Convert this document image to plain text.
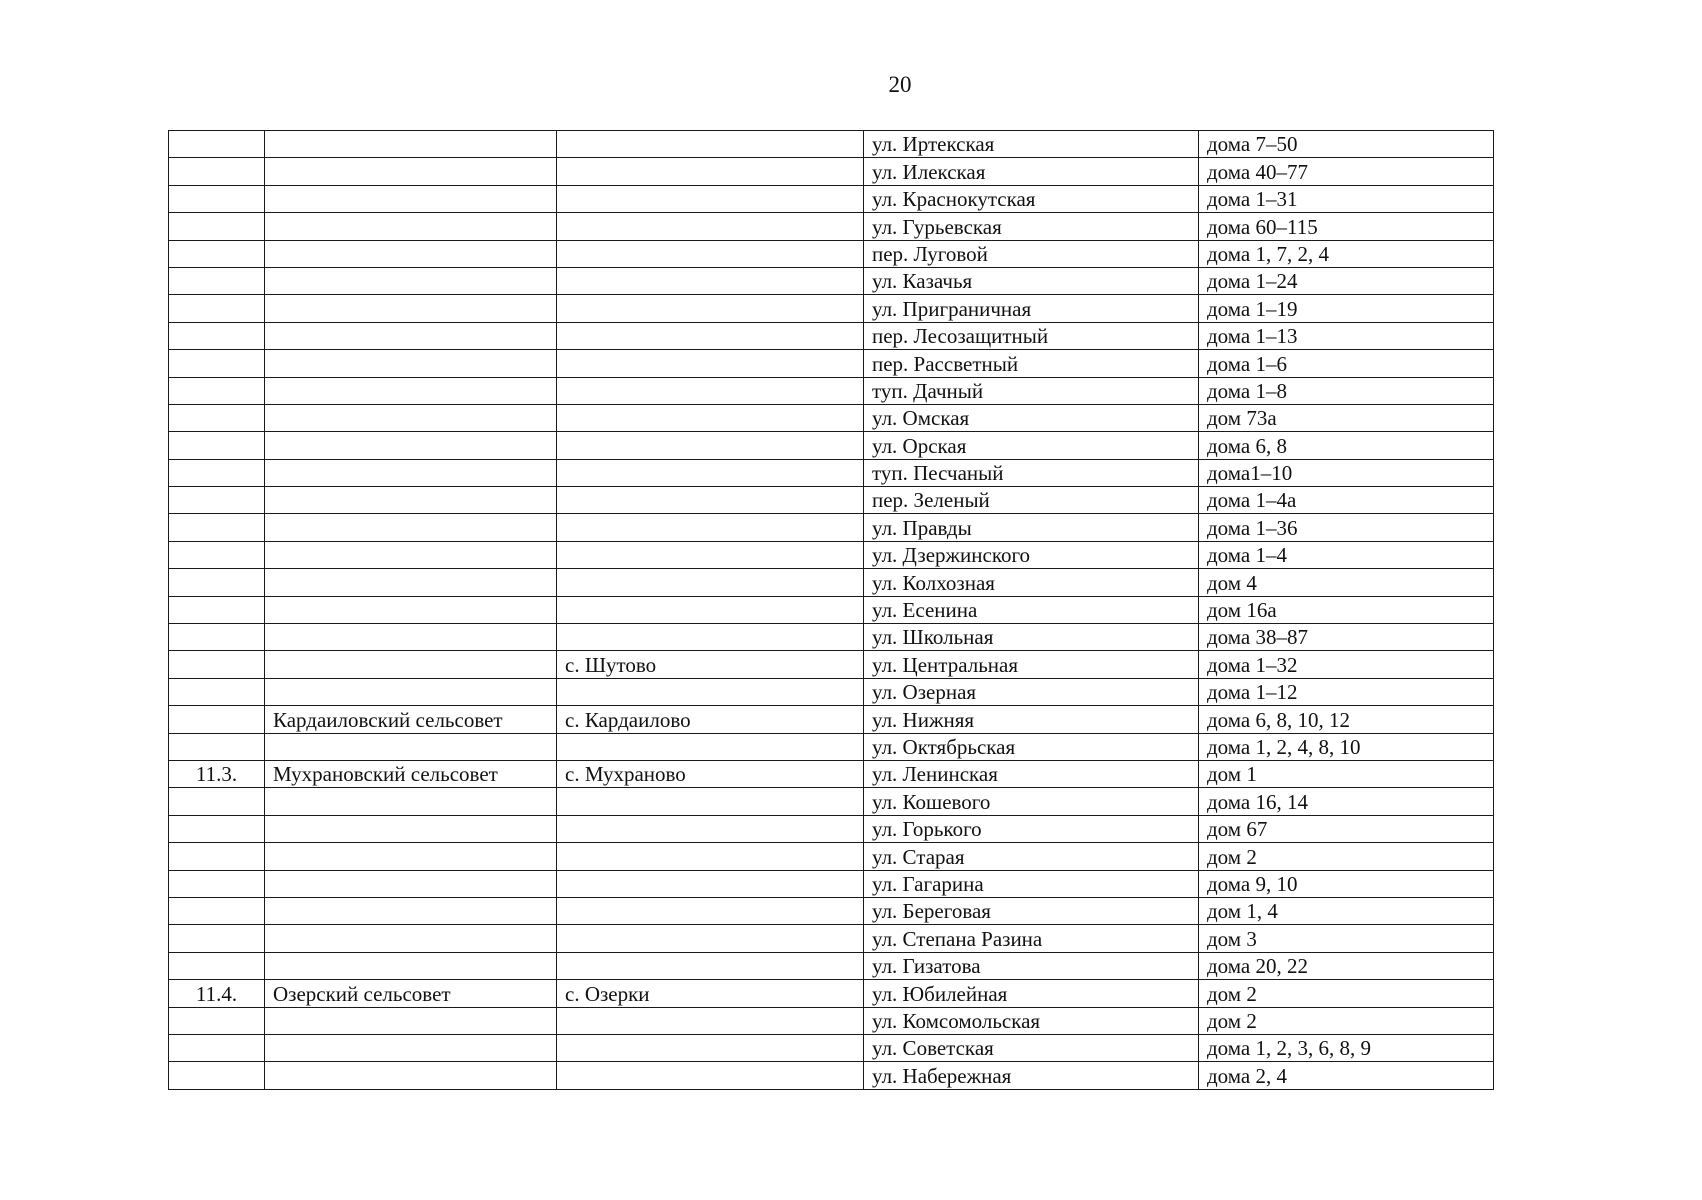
20
			ул. Иртекская	дома 7–50
			ул. Илекская	дома 40–77
			ул. Краснокутская	дома 1–31
			ул. Гурьевская	дома 60–115
			пер. Луговой	дома 1, 7, 2, 4
			ул. Казачья	дома 1–24
			ул. Приграничная	дома 1–19
			пер. Лесозащитный	дома 1–13
			пер. Рассветный	дома 1–6
			туп. Дачный	дома 1–8
			ул. Омская	дом 73а
			ул. Орская	дома 6, 8
			туп. Песчаный	дома1–10
			пер. Зеленый	дома 1–4а
			ул. Правды	дома 1–36
			ул. Дзержинского	дома 1–4
			ул. Колхозная	дом 4
			ул. Есенина	дом 16а
			ул. Школьная	дома 38–87
		с. Шутово	ул. Центральная	дома 1–32
			ул. Озерная	дома 1–12
	Кардаиловский сельсовет	с. Кардаилово	ул. Нижняя	дома 6, 8, 10, 12
			ул. Октябрьская	дома 1, 2, 4, 8, 10
11.3.	Мухрановский сельсовет	с. Мухраново	ул. Ленинская	дом 1
			ул. Кошевого	дома 16, 14
			ул. Горького	дом 67
			ул. Старая	дом 2
			ул. Гагарина	дома 9, 10
			ул. Береговая	дом 1, 4
			ул. Степана Разина	дом 3
			ул. Гизатова	дома 20, 22
11.4.	Озерский сельсовет	с. Озерки	ул. Юбилейная	дом 2
			ул. Комсомольская	дом 2
			ул. Советская	дома 1, 2, 3, 6, 8, 9
			ул. Набережная	дома 2, 4
